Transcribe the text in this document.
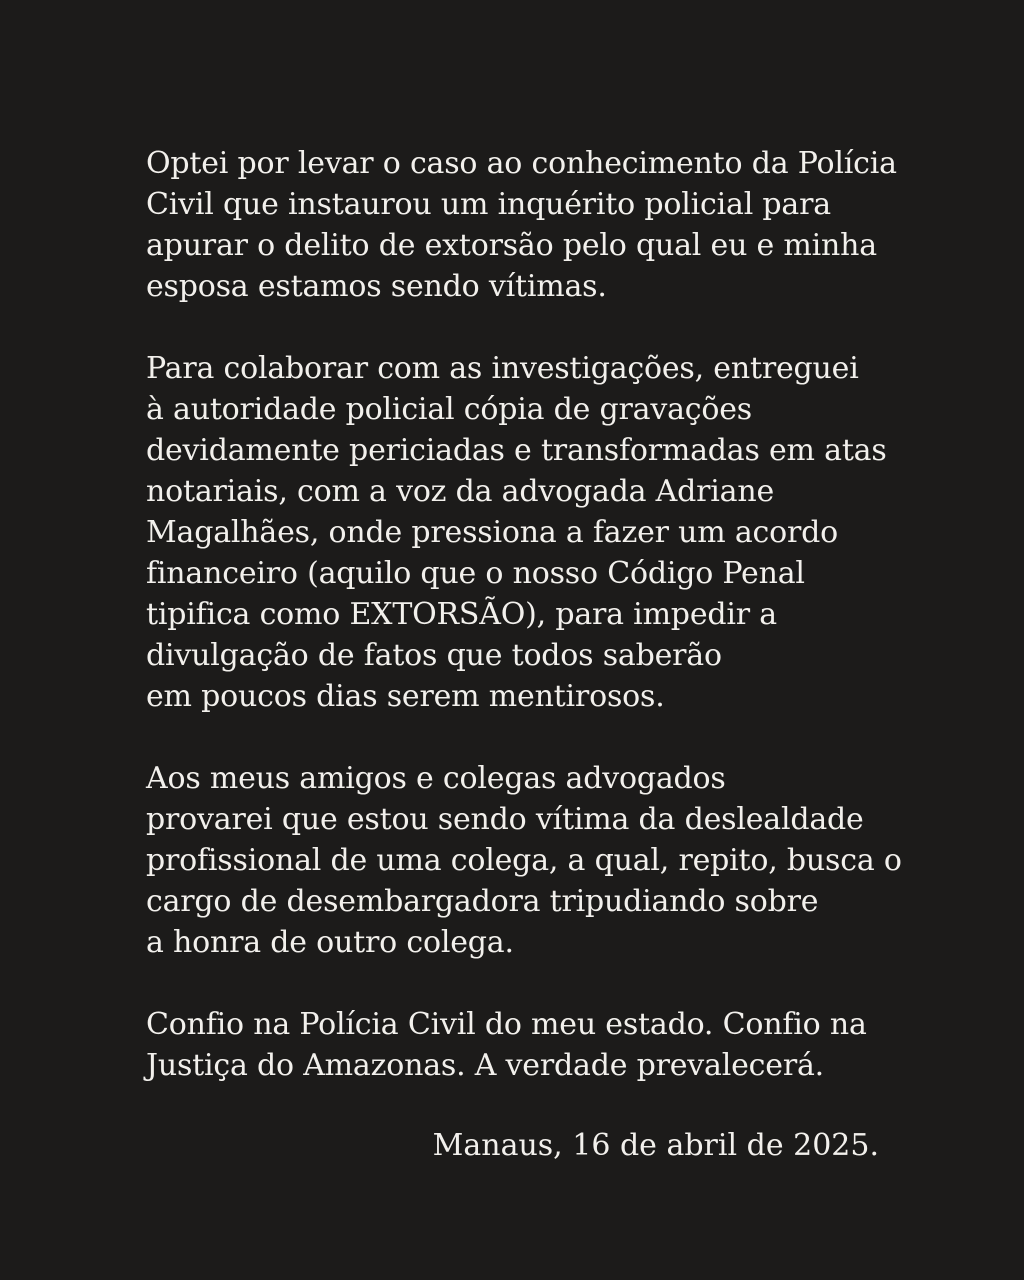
Optei por levar o caso ao conhecimento da Polícia
Civil que instaurou um inquérito policial para
apurar o delito de extorsão pelo qual eu e minha
esposa estamos sendo vítimas.

Para colaborar com as investigações, entreguei
à autoridade policial cópia de gravações
devidamente periciadas e transformadas em atas
notariais, com a voz da advogada Adriane
Magalhães, onde pressiona a fazer um acordo
financeiro (aquilo que o nosso Código Penal
tipifica como EXTORSÃO), para impedir a
divulgação de fatos que todos saberão
em poucos dias serem mentirosos.

Aos meus amigos e colegas advogados
provarei que estou sendo vítima da deslealdade
profissional de uma colega, a qual, repito, busca o
cargo de desembargadora tripudiando sobre
a honra de outro colega.

Confio na Polícia Civil do meu estado. Confio na
Justiça do Amazonas. A verdade prevalecerá.

Manaus, 16 de abril de 2025.
